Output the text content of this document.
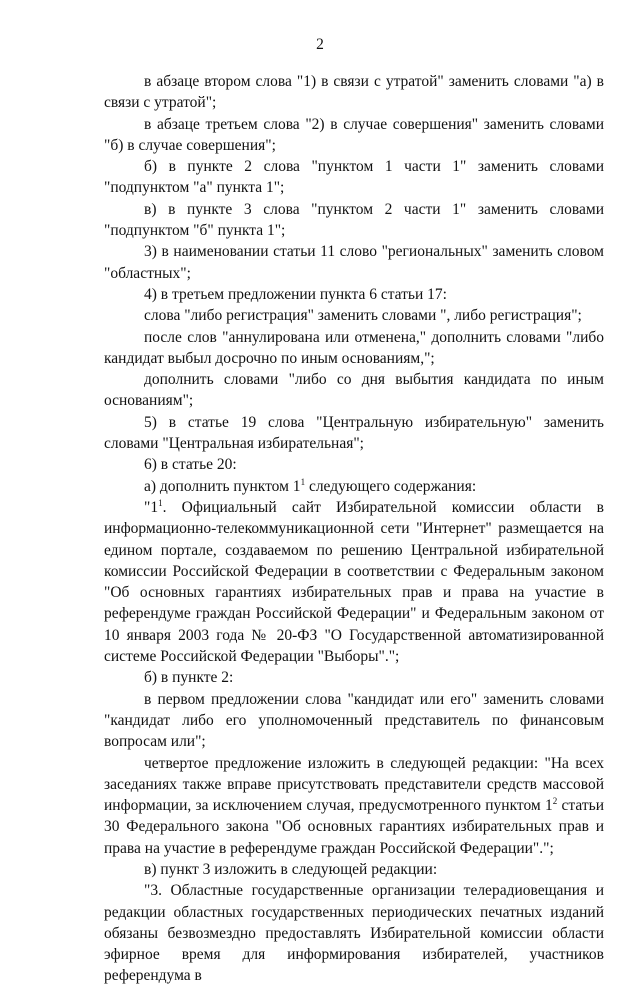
2

в абзаце втором слова "1) в связи с утратой" заменить словами "а) в связи с утратой";

в абзаце третьем слова "2) в случае совершения" заменить словами "б) в случае совершения";

б) в пункте 2 слова "пунктом 1 части 1" заменить словами "подпунктом "а" пункта 1";

в) в пункте 3 слова "пунктом 2 части 1" заменить словами "подпунктом "б" пункта 1";

3) в наименовании статьи 11 слово "региональных" заменить словом "областных";

4) в третьем предложении пункта 6 статьи 17:

слова "либо регистрация" заменить словами ", либо регистрация";

после слов "аннулирована или отменена," дополнить словами "либо кандидат выбыл досрочно по иным основаниям,";

дополнить словами "либо со дня выбытия кандидата по иным основаниям";

5) в статье 19 слова "Центральную избирательную" заменить словами "Центральная избирательная";

6) в статье 20:

а) дополнить пунктом $1^1$ следующего содержания:

"$1^1$. Официальный сайт Избирательной комиссии области в информационно-телекоммуникационной сети "Интернет" размещается на едином портале, создаваемом по решению Центральной избирательной комиссии Российской Федерации в соответствии с Федеральным законом "Об основных гарантиях избирательных прав и права на участие в референдуме граждан Российской Федерации" и Федеральным законом от 10 января 2003 года № 20-ФЗ "О Государственной автоматизированной системе Российской Федерации "Выборы".";

б) в пункте 2:

в первом предложении слова "кандидат или его" заменить словами "кандидат либо его уполномоченный представитель по финансовым вопросам или";

четвертое предложение изложить в следующей редакции: "На всех заседаниях также вправе присутствовать представители средств массовой информации, за исключением случая, предусмотренного пунктом $1^2$ статьи 30 Федерального закона "Об основных гарантиях избирательных прав и права на участие в референдуме граждан Российской Федерации".";

в) пункт 3 изложить в следующей редакции:

"3. Областные государственные организации телерадиовещания и редакции областных государственных периодических печатных изданий обязаны безвозмездно предоставлять Избирательной комиссии области эфирное время для информирования избирателей, участников референдума в
